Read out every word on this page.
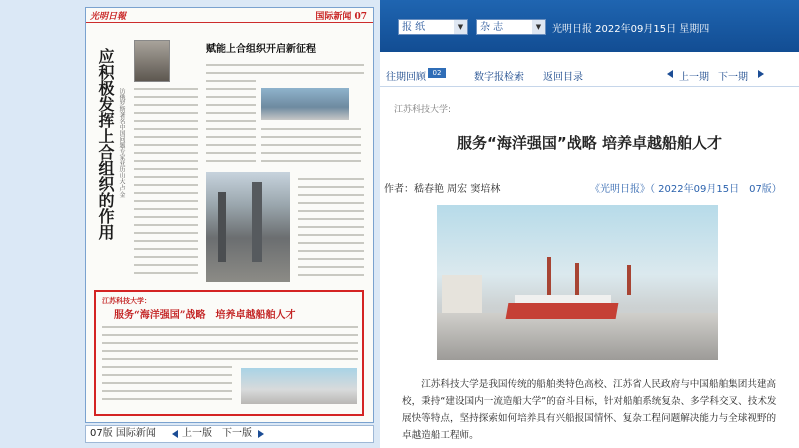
光明日報	国际新闻 07
应积极发挥上合组织的作用 访俄罗斯著名中国问题专家亚历山大·卢金
赋能上合组织开启新征程
江苏科技大学：
服务“海洋强国”战略　培养卓越船舶人才
07版 国际新闻	上一版 下一版
报 纸	▼	杂 志	▼	光明日报 2022年09月15日 星期四
往期回顾 02	数字报检索 返回目录	上一期 下一期
江苏科技大学:
服务“海洋强国”战略 培养卓越船舶人才
作者：嵇春艳 周宏 窦培林	《光明日报》（ 2022年09月15日　07版）
江苏科技大学是我国传统的船舶类特色高校、江苏省人民政府与中国船舶集团共建高校，秉持“建设国内一流造船大学”的奋斗目标，针对船舶系统复杂、多学科交叉、技术发展快等特点，坚持探索如何培养具有兴船报国情怀、复杂工程问题解决能力与全球视野的卓越造船工程师。
